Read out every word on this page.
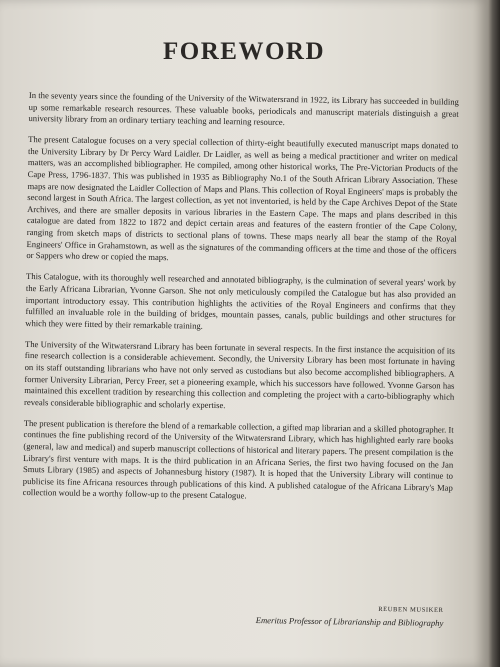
FOREWORD

In the seventy years since the founding of the University of the Witwatersrand in 1922, its Library has succeeded in building up some remarkable research resources. These valuable books, periodicals and manuscript materials distinguish a great university library from an ordinary tertiary teaching and learning resource.

The present Catalogue focuses on a very special collection of thirty-eight beautifully executed manuscript maps donated to the University Library by Dr Percy Ward Laidler. Dr Laidler, as well as being a medical practitioner and writer on medical matters, was an accomplished bibliographer. He compiled, among other historical works, The Pre-Victorian Products of the Cape Press, 1796-1837. This was published in 1935 as Bibliography No.1 of the South African Library Association. These maps are now designated the Laidler Collection of Maps and Plans. This collection of Royal Engineers' maps is probably the second largest in South Africa. The largest collection, as yet not inventoried, is held by the Cape Archives Depot of the State Archives, and there are smaller deposits in various libraries in the Eastern Cape. The maps and plans described in this catalogue are dated from 1822 to 1872 and depict certain areas and features of the eastern frontier of the Cape Colony, ranging from sketch maps of districts to sectional plans of towns. These maps nearly all bear the stamp of the Royal Engineers' Office in Grahamstown, as well as the signatures of the commanding officers at the time and those of the officers or Sappers who drew or copied the maps.

This Catalogue, with its thoroughly well researched and annotated bibliography, is the culmination of several years' work by the Early Africana Librarian, Yvonne Garson. She not only meticulously compiled the Catalogue but has also provided an important introductory essay. This contribution highlights the activities of the Royal Engineers and confirms that they fulfilled an invaluable role in the building of bridges, mountain passes, canals, public buildings and other structures for which they were fitted by their remarkable training.

The University of the Witwatersrand Library has been fortunate in several respects. In the first instance the acquisition of its fine research collection is a considerable achievement. Secondly, the University Library has been most fortunate in having on its staff outstanding librarians who have not only served as custodians but also become accomplished bibliographers. A former University Librarian, Percy Freer, set a pioneering example, which his successors have followed. Yvonne Garson has maintained this excellent tradition by researching this collection and completing the project with a carto-bibliography which reveals considerable bibliographic and scholarly expertise.

The present publication is therefore the blend of a remarkable collection, a gifted map librarian and a skilled photographer. It continues the fine publishing record of the University of the Witwatersrand Library, which has highlighted early rare books (general, law and medical) and superb manuscript collections of historical and literary papers. The present compilation is the Library's first venture with maps. It is the third publication in an Africana Series, the first two having focused on the Jan Smuts Library (1985) and aspects of Johannesburg history (1987). It is hoped that the University Library will continue to publicise its fine Africana resources through publications of this kind. A published catalogue of the Africana Library's Map collection would be a worthy follow-up to the present Catalogue.

REUBEN MUSIKER
Emeritus Professor of Librarianship and Bibliography
